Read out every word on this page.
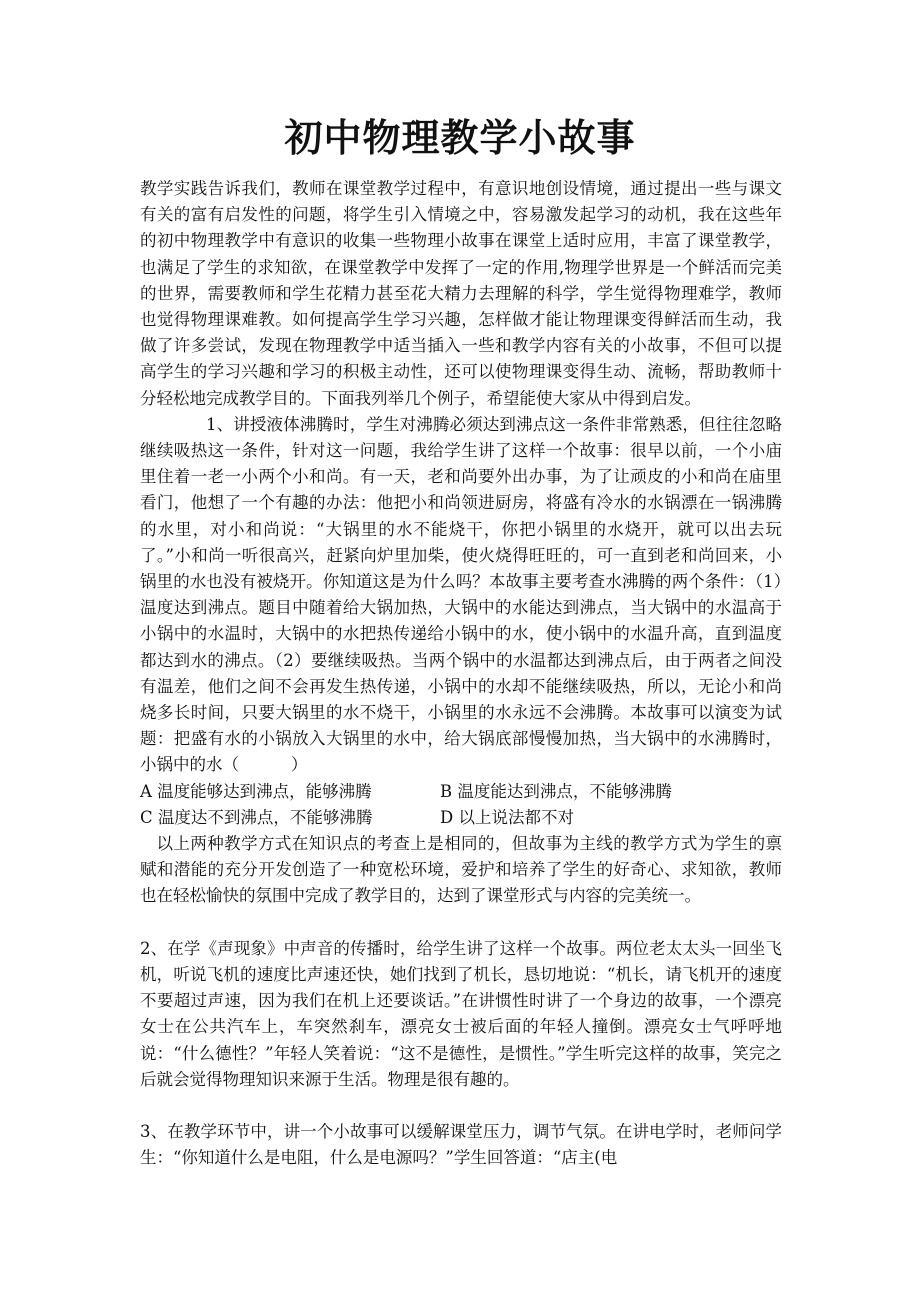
初中物理教学小故事

教学实践告诉我们，教师在课堂教学过程中，有意识地创设情境，通过提出一些与课文有关的富有启发性的问题，将学生引入情境之中，容易激发起学习的动机，我在这些年的初中物理教学中有意识的收集一些物理小故事在课堂上适时应用，丰富了课堂教学，也满足了学生的求知欲，在课堂教学中发挥了一定的作用,物理学世界是一个鲜活而完美的世界，需要教师和学生花精力甚至花大精力去理解的科学，学生觉得物理难学，教师也觉得物理课难教。如何提高学生学习兴趣，怎样做才能让物理课变得鲜活而生动，我做了许多尝试，发现在物理教学中适当插入一些和教学内容有关的小故事，不但可以提高学生的学习兴趣和学习的积极主动性，还可以使物理课变得生动、流畅，帮助教师十分轻松地完成教学目的。下面我列举几个例子，希望能使大家从中得到启发。

1、讲授液体沸腾时，学生对沸腾必须达到沸点这一条件非常熟悉，但往往忽略继续吸热这一条件，针对这一问题，我给学生讲了这样一个故事：很早以前，一个小庙里住着一老一小两个小和尚。有一天，老和尚要外出办事，为了让顽皮的小和尚在庙里看门，他想了一个有趣的办法：他把小和尚领进厨房，将盛有冷水的水锅漂在一锅沸腾的水里，对小和尚说：“大锅里的水不能烧干，你把小锅里的水烧开，就可以出去玩了。”小和尚一听很高兴，赶紧向炉里加柴，使火烧得旺旺的，可一直到老和尚回来，小锅里的水也没有被烧开。你知道这是为什么吗？本故事主要考查水沸腾的两个条件：（1）温度达到沸点。题目中随着给大锅加热，大锅中的水能达到沸点，当大锅中的水温高于小锅中的水温时，大锅中的水把热传递给小锅中的水，使小锅中的水温升高，直到温度都达到水的沸点。（2）要继续吸热。当两个锅中的水温都达到沸点后，由于两者之间没有温差，他们之间不会再发生热传递，小锅中的水却不能继续吸热，所以，无论小和尚烧多长时间，只要大锅里的水不烧干，小锅里的水永远不会沸腾。本故事可以演变为试题：把盛有水的小锅放入大锅里的水中，给大锅底部慢慢加热，当大锅中的水沸腾时，小锅中的水（	）

A 温度能够达到沸点，能够沸腾	B 温度能达到沸点，不能够沸腾
C 温度达不到沸点，不能够沸腾	D 以上说法都不对

以上两种教学方式在知识点的考查上是相同的，但故事为主线的教学方式为学生的禀赋和潜能的充分开发创造了一种宽松环境，爱护和培养了学生的好奇心、求知欲，教师也在轻松愉快的氛围中完成了教学目的，达到了课堂形式与内容的完美统一。

2、在学《声现象》中声音的传播时，给学生讲了这样一个故事。两位老太太头一回坐飞机，听说飞机的速度比声速还快，她们找到了机长，恳切地说：“机长，请飞机开的速度不要超过声速，因为我们在机上还要谈话。”在讲惯性时讲了一个身边的故事，一个漂亮女士在公共汽车上，车突然刹车，漂亮女士被后面的年轻人撞倒。漂亮女士气呼呼地说：“什么德性？”年轻人笑着说：“这不是德性，是惯性。”学生听完这样的故事，笑完之后就会觉得物理知识来源于生活。物理是很有趣的。

3、在教学环节中，讲一个小故事可以缓解课堂压力，调节气氛。在讲电学时，老师问学生：“你知道什么是电阻，什么是电源吗？”学生回答道：“店主(电
